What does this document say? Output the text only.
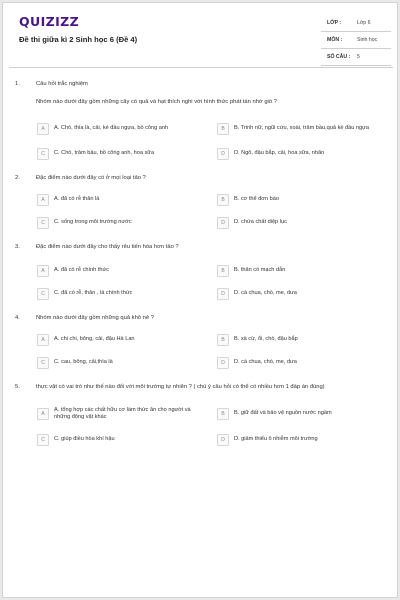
QUIZIZZ
Đề thi giữa kì 2 Sinh học 6 (Đề 4)
LỚP :	Lớp 6
MÔN :	Sinh học
SỐ CÂU :	5
1.	Câu hỏi trắc nghiệm
Nhóm nào dưới đây gồm những cây có quả và hạt thích nghi với hình thức phát tán nhờ gió ?
A	A. Chò, thìa là, cải, ké đầu ngựa, bồ công anh	B	B. Trinh nữ, ngũi cứu, xoài, trâm bầu,quả ké đầu ngựa
C	C. Chò, trâm bầu, bồ công anh, hoa sữa	D	D. Ngô, đậu bắp, cải, hoa sữa, nhãn
2.	Đặc điểm nào dưới đây có ở mọi loại tảo ?
A	A. đã có rễ thân lá	B	B. cơ thể đơn bào
C	C. sống trong môi trường nước	D	D. chứa chất diệp lục
3.	Đặc điểm nào dưới đây cho thấy rêu tiến hóa hơn tảo ?
A	A. đã có rễ chính thức	B	B. thân có mạch dẫn
C	C. đã có rễ, thân , lá chính thức	D	D. cà chua, chò, me, dưa
4.	Nhóm nào dưới đây gồm những quả khô nẻ ?
A	A. chi chi, bông, cải, đậu Hà Lan	B	B. xà cừ, ổi, chò, đậu bắp
C	C. cau, bông, cải,thìa là	D	D. cà chua, chò, me, dưa
5.	thực vật có vai trò như thế nào đối với môi trường tự nhiên ? ( chú ý câu hỏi có thể có nhiều hơn 1 đáp án đúng)
A
A. tổng hợp các chất hữu cơ làm thức ăn cho người và những động vật khác	B	B. giữ đất và bảo vệ nguồn nước ngầm
C	C. giúp điều hòa khí hậu	D	D. giảm thiểu ô nhiễm môi trường
